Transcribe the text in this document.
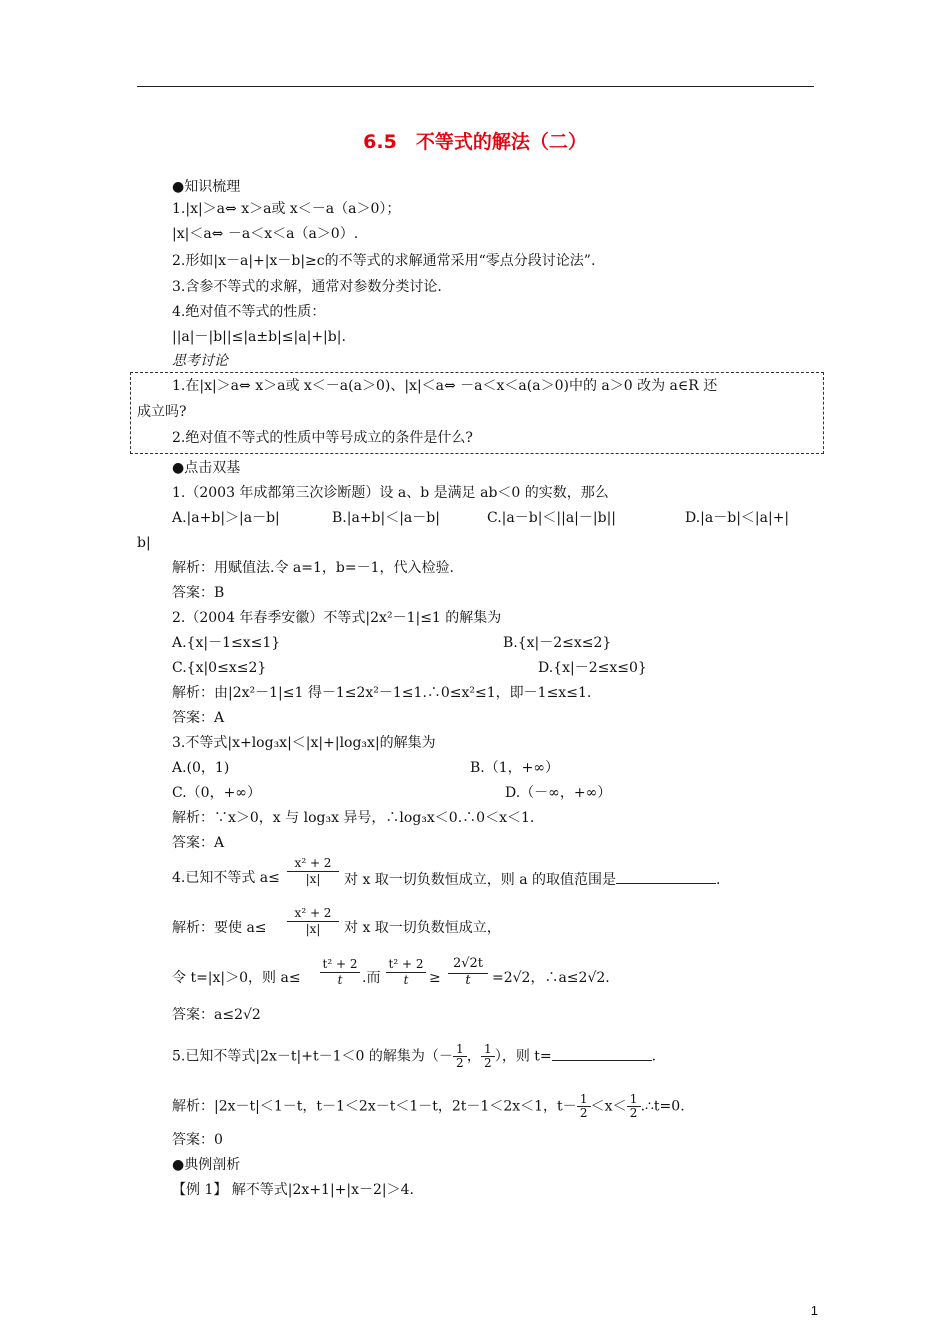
6.5　不等式的解法（二）
●知识梳理
1.|x|＞a⇔ x＞a或 x＜－a（a＞0）；
|x|＜a⇔ －a＜x＜a（a＞0）.
2.形如|x－a|+|x－b|≥c的不等式的求解通常采用“零点分段讨论法”.
3.含参不等式的求解，通常对参数分类讨论.
4.绝对值不等式的性质：
||a|－|b||≤|a±b|≤|a|+|b|.
思考讨论
1.在|x|＞a⇔ x＞a或 x＜－a(a＞0)、|x|＜a⇔ －a＜x＜a(a＞0)中的 a＞0 改为 a∈R 还
成立吗?
2.绝对值不等式的性质中等号成立的条件是什么?
●点击双基
1.（2003 年成都第三次诊断题）设 a、b 是满足 ab＜0 的实数，那么
A.|a+b|＞|a－b|	B.|a+b|＜|a－b|	C.|a－b|＜||a|－|b||	D.|a－b|＜|a|+|
b|
解析：用赋值法.令 a=1，b=－1，代入检验.
答案：B
2.（2004 年春季安徽）不等式|2x²－1|≤1 的解集为
A.{x|－1≤x≤1}	B.{x|－2≤x≤2}
C.{x|0≤x≤2}	D.{x|－2≤x≤0}
解析：由|2x²－1|≤1 得－1≤2x²－1≤1.∴0≤x²≤1，即－1≤x≤1.
答案：A
3.不等式|x+log₃x|＜|x|+|log₃x|的解集为
A.(0，1)	B.（1，+∞）
C.（0，+∞）	D.（－∞，+∞）
解析：∵x＞0，x 与 log₃x 异号，∴log₃x＜0.∴0＜x＜1.
答案：A
4.已知不等式 a≤
x² + 2
|x|	对 x 取一切负数恒成立，则 a 的取值范围是	.
解析：要使 a≤
x² + 2
|x|	对 x 取一切负数恒成立，
令 t=|x|＞0，则 a≤
t² + 2
t	.而
t² + 2
t	≥
2√2t
t	=2√2，∴a≤2√2.
答案：a≤2√2
5.已知不等式|2x－t|+t－1＜0 的解集为（－ $\frac{1}{2}$ ， $\frac{1}{2}$ ），则 t=	.
解析：|2x－t|＜1－t，t－1＜2x－t＜1－t，2t－1＜2x＜1，$t- \frac{1}{2} <x< \frac{1}{2}$ .∴t=0.
答案：0
●典例剖析
【例 1】 解不等式|2x+1|+|x－2|＞4.
1
